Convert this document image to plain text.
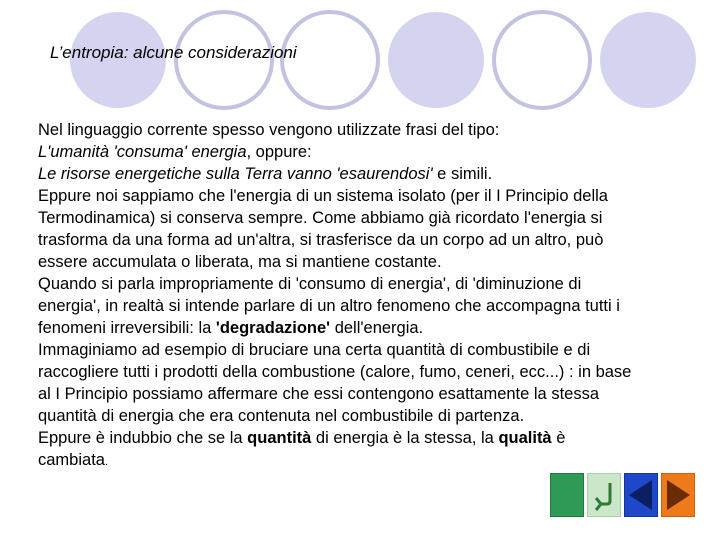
L’entropia: alcune considerazioni

Nel linguaggio corrente spesso vengono utilizzate frasi del tipo:

L'umanità 'consuma' energia, oppure:

Le risorse energetiche sulla Terra vanno 'esaurendosi' e simili.

Eppure noi sappiamo che l'energia di un sistema isolato (per il I Principio della

Termodinamica) si conserva sempre. Come abbiamo già ricordato l'energia si

trasforma da una forma ad un'altra, si trasferisce da un corpo ad un altro, può

essere accumulata o liberata, ma si mantiene costante.

Quando si parla impropriamente di 'consumo di energia', di 'diminuzione di

energia', in realtà si intende parlare di un altro fenomeno che accompagna tutti i

fenomeni irreversibili: la 'degradazione' dell'energia.

Immaginiamo ad esempio di bruciare una certa quantità di combustibile e di

raccogliere tutti i prodotti della combustione (calore, fumo, ceneri, ecc...) : in base

al I Principio possiamo affermare che essi contengono esattamente la stessa

quantità di energia che era contenuta nel combustibile di partenza.

Eppure è indubbio che se la quantità di energia è la stessa, la qualità è

cambiata.
